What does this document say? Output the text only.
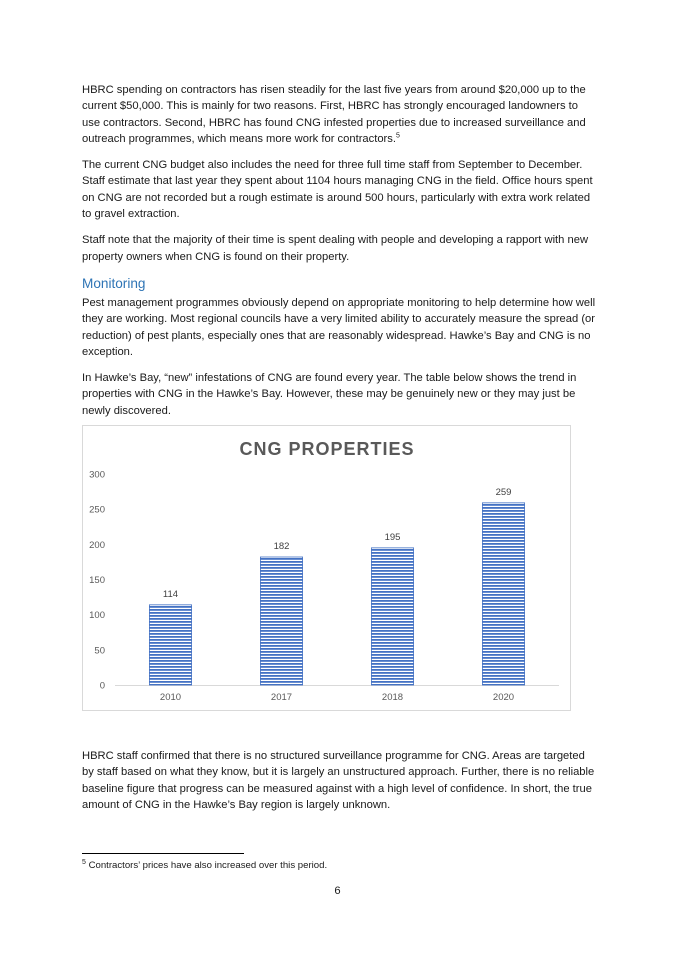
HBRC spending on contractors has risen steadily for the last five years from around $20,000 up to the current $50,000. This is mainly for two reasons. First, HBRC has strongly encouraged landowners to use contractors. Second, HBRC has found CNG infested properties due to increased surveillance and outreach programmes, which means more work for contractors.$^5$

The current CNG budget also includes the need for three full time staff from September to December. Staff estimate that last year they spent about 1104 hours managing CNG in the field. Office hours spent on CNG are not recorded but a rough estimate is around 500 hours, particularly with extra work related to gravel extraction.

Staff note that the majority of their time is spent dealing with people and developing a rapport with new property owners when CNG is found on their property.

Monitoring

Pest management programmes obviously depend on appropriate monitoring to help determine how well they are working. Most regional councils have a very limited ability to accurately measure the spread (or reduction) of pest plants, especially ones that are reasonably widespread. Hawke’s Bay and CNG is no exception.

In Hawke’s Bay, “new” infestations of CNG are found every year. The table below shows the trend in properties with CNG in the Hawke’s Bay. However, these may be genuinely new or they may just be newly discovered.

CNG PROPERTIES
0
50
100
150
200
250
300
114
2010
182
2017
195
2018
259
2020

HBRC staff confirmed that there is no structured surveillance programme for CNG. Areas are targeted by staff based on what they know, but it is largely an unstructured approach. Further, there is no reliable baseline figure that progress can be measured against with a high level of confidence. In short, the true amount of CNG in the Hawke’s Bay region is largely unknown.

$^5$ Contractors’ prices have also increased over this period.
6
